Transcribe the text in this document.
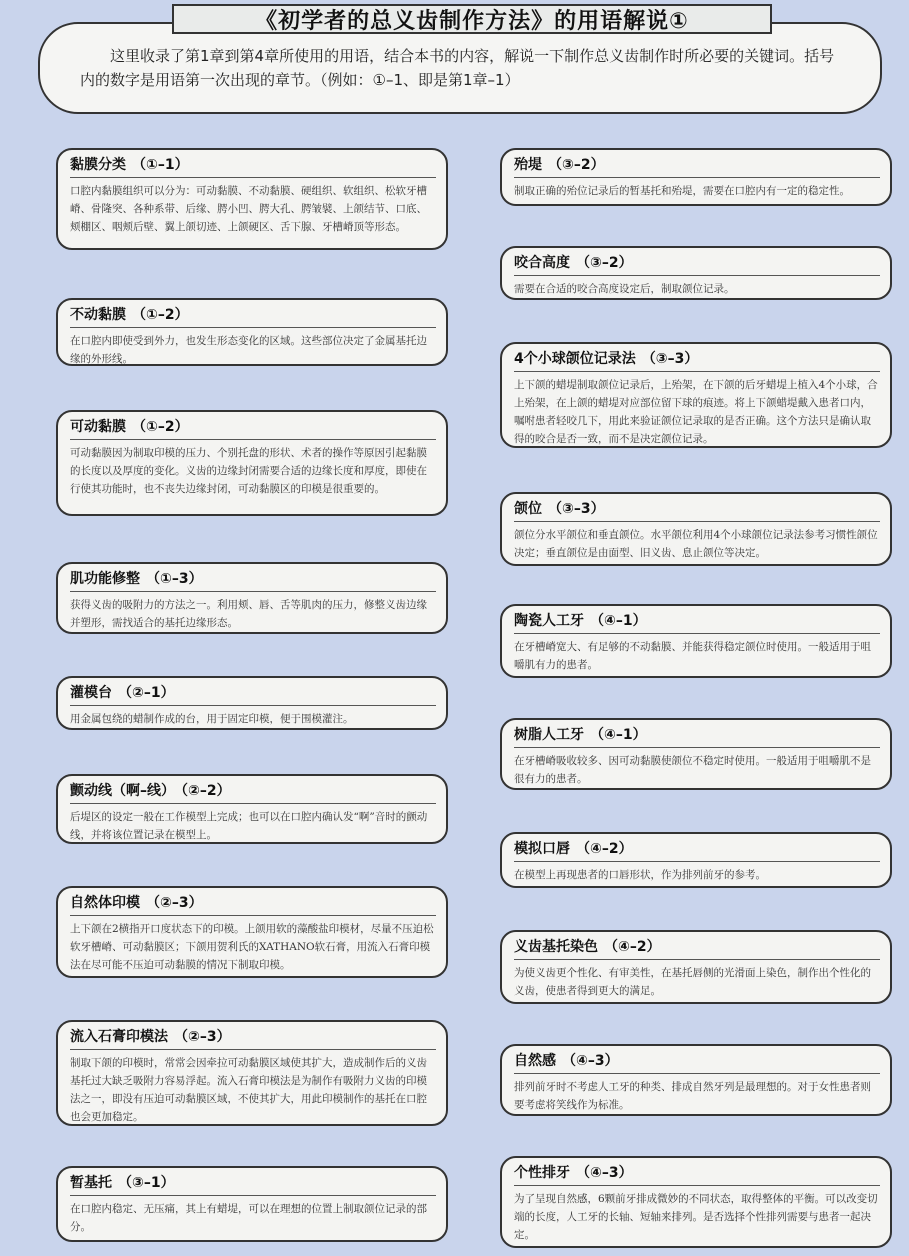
《初学者的总义齿制作方法》的用语解说①
这里收录了第1章到第4章所使用的用语，结合本书的内容，解说一下制作总义齿制作时所必要的关键词。括号内的数字是用语第一次出现的章节。（例如：①–1、即是第1章–1）
黏膜分类 （①–1）
口腔内黏膜组织可以分为：可动黏膜、不动黏膜、硬组织、软组织、松软牙槽嵴、骨隆突、各种系带、后缘、腭小凹、腭大孔、腭皱襞、上颌结节、口底、颊棚区、咽颊后壁、翼上颌切迹、上颌硬区、舌下腺、牙槽嵴顶等形态。
不动黏膜 （①–2）
在口腔内即使受到外力，也发生形态变化的区域。这些部位决定了金属基托边缘的外形线。
可动黏膜 （①–2）
可动黏膜因为制取印模的压力、个别托盘的形状、术者的操作等原因引起黏膜的长度以及厚度的变化。义齿的边缘封闭需要合适的边缘长度和厚度，即使在行使其功能时，也不丧失边缘封闭，可动黏膜区的印模是很重要的。
肌功能修整 （①–3）
获得义齿的吸附力的方法之一。利用颊、唇、舌等肌肉的压力，修整义齿边缘并塑形，需找适合的基托边缘形态。
灌模台 （②–1）
用金属包绕的蜡制作成的台，用于固定印模，便于围模灌注。
颤动线（啊–线） （②–2）
后堤区的设定一般在工作模型上完成；也可以在口腔内确认发“啊”音时的颤动线，并将该位置记录在模型上。
自然体印模 （②–3）
上下颌在2横指开口度状态下的印模。上颌用软的藻酸盐印模材，尽量不压迫松软牙槽嵴、可动黏膜区；下颌用贺利氏的XATHANO软石膏，用流入石膏印模法在尽可能不压迫可动黏膜的情况下制取印模。
流入石膏印模法 （②–3）
制取下颌的印模时，常常会因牵拉可动黏膜区域使其扩大，造成制作后的义齿基托过大缺乏吸附力容易浮起。流入石膏印模法是为制作有吸附力义齿的印模法之一，即没有压迫可动黏膜区域，不使其扩大，用此印模制作的基托在口腔也会更加稳定。
暂基托 （③–1）
在口腔内稳定、无压痛，其上有蜡堤，可以在理想的位置上制取颌位记录的部分。
殆堤 （③–2）
制取正确的殆位记录后的暂基托和殆堤，需要在口腔内有一定的稳定性。
咬合高度 （③–2）
需要在合适的咬合高度设定后，制取颌位记录。
4个小球颌位记录法 （③–3）
上下颌的蜡堤制取颌位记录后，上殆架，在下颌的后牙蜡堤上植入4个小球，合上殆架，在上颌的蜡堤对应部位留下球的痕迹。将上下颌蜡堤戴入患者口内，嘱咐患者轻咬几下，用此来验证颌位记录取的是否正确。这个方法只是确认取得的咬合是否一致，而不是决定颌位记录。
颌位 （③–3）
颌位分水平颌位和垂直颌位。水平颌位利用4个小球颌位记录法参考习惯性颌位决定；垂直颌位是由面型、旧义齿、息止颌位等决定。
陶瓷人工牙 （④–1）
在牙槽嵴宽大、有足够的不动黏膜、并能获得稳定颌位时使用。一般适用于咀嚼肌有力的患者。
树脂人工牙 （④–1）
在牙槽嵴吸收较多、因可动黏膜使颌位不稳定时使用。一般适用于咀嚼肌不是很有力的患者。
模拟口唇 （④–2）
在模型上再现患者的口唇形状，作为排列前牙的参考。
义齿基托染色 （④–2）
为使义齿更个性化、有审美性，在基托唇侧的光滑面上染色，制作出个性化的义齿，使患者得到更大的满足。
自然感 （④–3）
排列前牙时不考虑人工牙的种类、排成自然牙列是最理想的。对于女性患者则要考虑将笑线作为标准。
个性排牙 （④–3）
为了呈现自然感，6颗前牙排成微妙的不同状态，取得整体的平衡。可以改变切端的长度，人工牙的长轴、短轴来排列。是否选择个性排列需要与患者一起决定。
